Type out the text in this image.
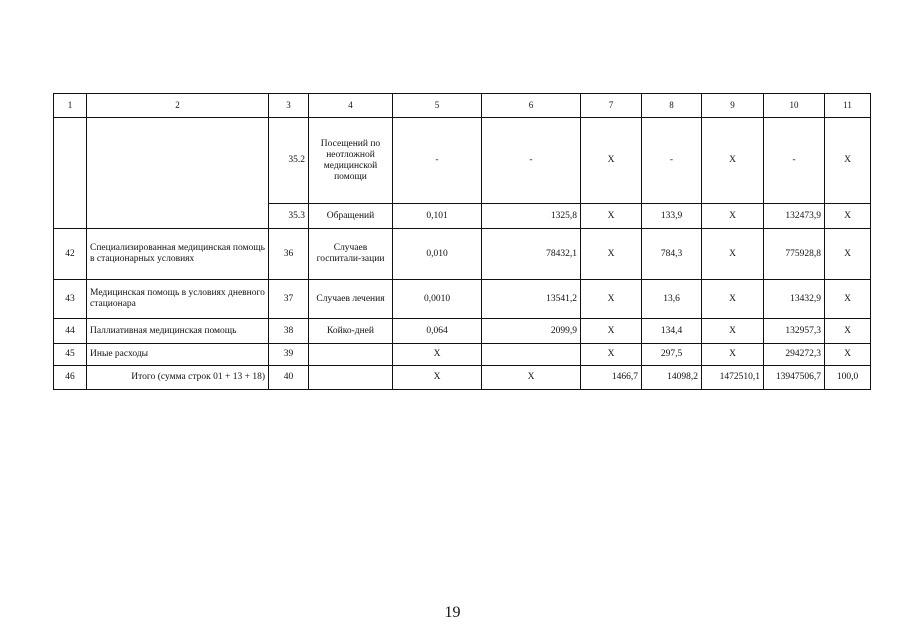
1	2	3	4	5	6	7	8	9	10	11
		35.2	Посещений по неотложной медицинской помощи	-	-	X	-	X	-	X
		35.3	Обращений	0,101	1325,8	X	133,9	X	132473,9	X
42	Специализированная медицинская помощь в стационарных условиях	36	Случаев госпитали-зации	0,010	78432,1	X	784,3	X	775928,8	X
43	Медицинская помощь в условиях дневного стационара	37	Случаев лечения	0,0010	13541,2	X	13,6	X	13432,9	X
44	Паллиативная медицинская помощь	38	Койко-дней	0,064	2099,9	X	134,4	X	132957,3	X
45	Иные расходы	39		X		X	297,5	X	294272,3	X
46	Итого (сумма строк 01 + 13 + 18)	40		X	X	1466,7	14098,2	1472510,1	13947506,7	100,0
19
